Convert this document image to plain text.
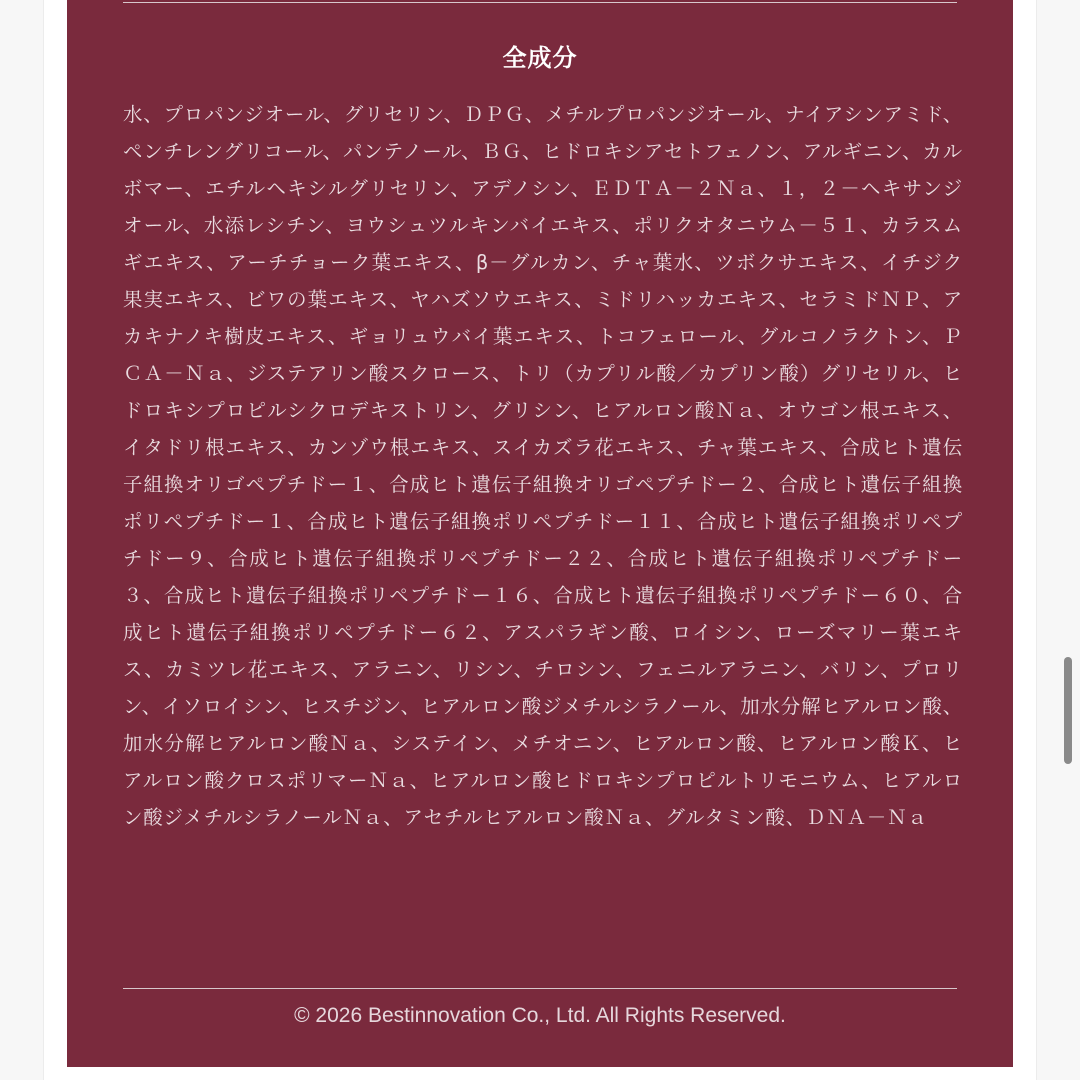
全成分

水、プロパンジオール、グリセリン、ＤＰＧ、メチルプロパンジオール、ナイアシンアミド、ペンチレングリコール、パンテノール、ＢＧ、ヒドロキシアセトフェノン、アルギニン、カルボマー、エチルヘキシルグリセリン、アデノシン、ＥＤＴＡ－２Ｎａ、１，２－ヘキサンジオール、水添レシチン、ヨウシュツルキンバイエキス、ポリクオタニウム－５１、カラスムギエキス、アーチチョーク葉エキス、β－グルカン、チャ葉水、ツボクサエキス、イチジク果実エキス、ビワの葉エキス、ヤハズソウエキス、ミドリハッカエキス、セラミドＮＰ、アカキナノキ樹皮エキス、ギョリュウバイ葉エキス、トコフェロール、グルコノラクトン、ＰＣＡ－Ｎａ、ジステアリン酸スクロース、トリ（カプリル酸／カプリン酸）グリセリル、ヒドロキシプロピルシクロデキストリン、グリシン、ヒアルロン酸Ｎａ、オウゴン根エキス、イタドリ根エキス、カンゾウ根エキス、スイカズラ花エキス、チャ葉エキス、合成ヒト遺伝子組換オリゴペプチドー１、合成ヒト遺伝子組換オリゴペプチドー２、合成ヒト遺伝子組換ポリペプチドー１、合成ヒト遺伝子組換ポリペプチドー１１、合成ヒト遺伝子組換ポリペプチドー９、合成ヒト遺伝子組換ポリペプチドー２２、合成ヒト遺伝子組換ポリペプチドー３、合成ヒト遺伝子組換ポリペプチドー１６、合成ヒト遺伝子組換ポリペプチドー６０、合成ヒト遺伝子組換ポリペプチドー６２、アスパラギン酸、ロイシン、ローズマリー葉エキス、カミツレ花エキス、アラニン、リシン、チロシン、フェニルアラニン、バリン、プロリン、イソロイシン、ヒスチジン、ヒアルロン酸ジメチルシラノール、加水分解ヒアルロン酸、加水分解ヒアルロン酸Ｎａ、システイン、メチオニン、ヒアルロン酸、ヒアルロン酸Ｋ、ヒアルロン酸クロスポリマーＮａ、ヒアルロン酸ヒドロキシプロピルトリモニウム、ヒアルロン酸ジメチルシラノールＮａ、アセチルヒアルロン酸Ｎａ、グルタミン酸、ＤＮＡ－Ｎａ

© 2026 Bestinnovation Co., Ltd. All Rights Reserved.
